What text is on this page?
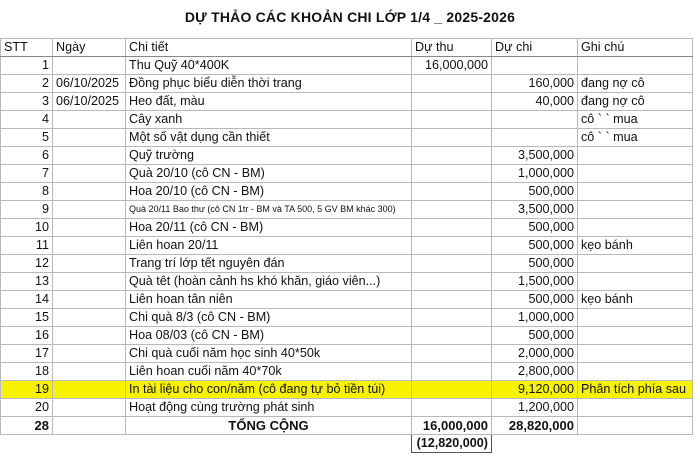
DỰ THẢO CÁC KHOẢN CHI LỚP 1/4 _ 2025-2026
STT	Ngày	Chi tiết	Dự thu	Dự chi	Ghi chú
1		Thu Quỹ 40*400K	16,000,000		
2	06/10/2025	Đồng phục biểu diễn thời trang		160,000	đang nợ cô
3	06/10/2025	Heo đất, màu		40,000	đang nợ cô
4		Cây xanh			cô ` ` mua
5		Một số vật dụng cần thiết			cô ` ` mua
6		Quỹ trường		3,500,000	
7		Quà 20/10 (cô CN - BM)		1,000,000	
8		Hoa 20/10 (cô CN - BM)		500,000	
9		Quà 20/11 Bao thư (cô CN 1tr - BM và TA 500, 5 GV BM khác 300)		3,500,000	
10		Hoa 20/11 (cô CN - BM)		500,000	
11		Liên hoan 20/11		500,000	kẹo bánh
12		Trang trí lớp tết nguyên đán		500,000	
13		Quà têt (hoàn cảnh hs khó khăn, giáo viên...)		1,500,000	
14		Liên hoan tân niên		500,000	kẹo bánh
15		Chi quà 8/3 (cô CN - BM)		1,000,000	
16		Hoa 08/03 (cô CN - BM)		500,000	
17		Chi quà cuối năm học sinh 40*50k		2,000,000	
18		Liên hoan cuối năm 40*70k		2,800,000	
19		In tài liệu cho con/năm (cô đang tự bỏ tiền túi)		9,120,000	Phân tích phía sau
20		Hoạt động cùng trường phát sinh		1,200,000	
28		TỔNG CỘNG	16,000,000	28,820,000	
			(12,820,000)		
